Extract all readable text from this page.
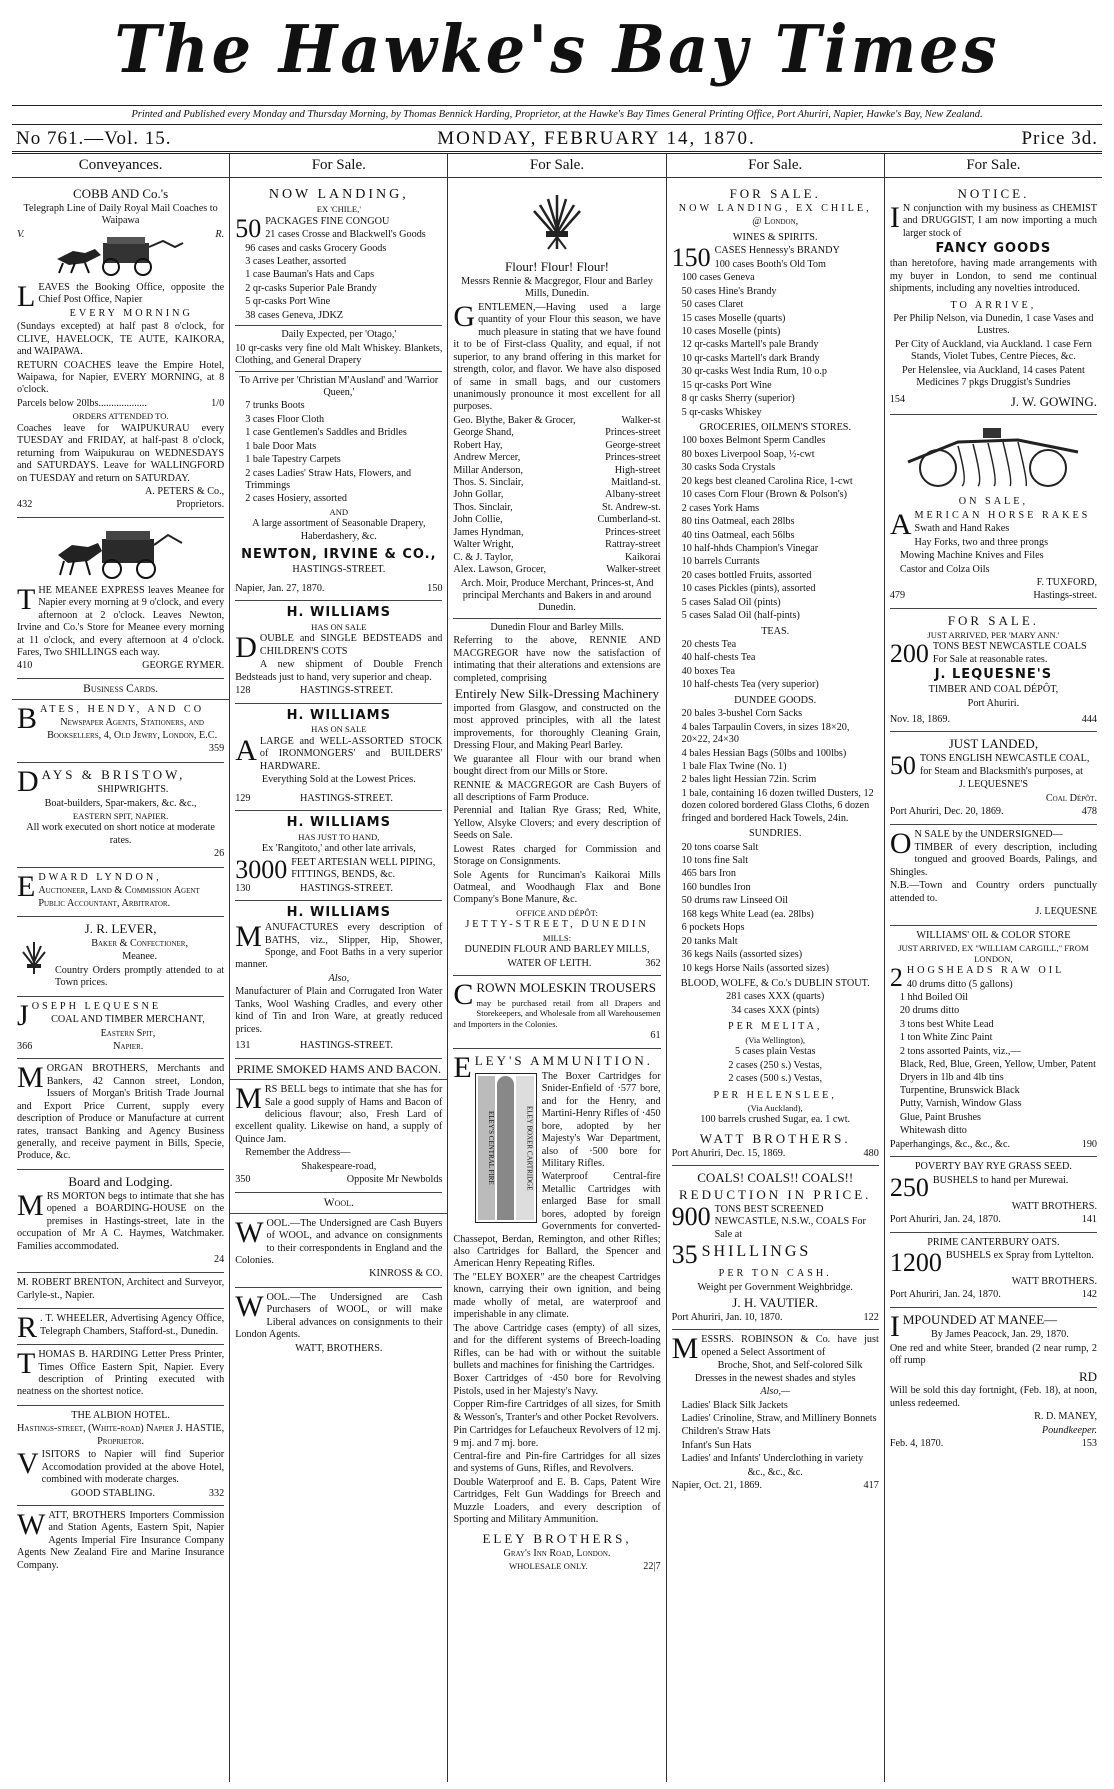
The Hawke's Bay Times
Printed and Published every Monday and Thursday Morning, by Thomas Bennick Harding, Proprietor, at the Hawke's Bay Times General Printing Office, Port Ahuriri, Napier, Hawke's Bay, New Zealand.
No 761.—Vol. 15.	MONDAY, FEBRUARY 14, 1870.	Price 3d.
Conveyances.

COBB AND Co.'s

Telegraph Line of Daily Royal Mail Coaches to Waipawa

V.	R.

LEAVES the Booking Office, opposite the Chief Post Office, Napier

EVERY MORNING

(Sundays excepted) at half past 8 o'clock, for CLIVE, HAVELOCK, TE AUTE, KAIKORA, and WAIPAWA.

RETURN COACHES leave the Empire Hotel, Waipawa, for Napier, EVERY MORNING, at 8 o'clock.

Parcels below 20lbs...................	1/0

ORDERS ATTENDED TO.

Coaches leave for WAIPUKURAU every TUESDAY and FRIDAY, at half-past 8 o'clock, returning from Waipukurau on WEDNESDAYS and SATURDAYS. Leave for WALLINGFORD on TUESDAY and return on SATURDAY.

A. PETERS & Co.,

432	Proprietors.

THE MEANEE EXPRESS leaves Meanee for Napier every morning at 9 o'clock, and every afternoon at 2 o'clock. Leaves Newton, Irvine and Co.'s Store for Meanee every morning at 11 o'clock, and every afternoon at 4 o'clock. Fares, Two SHILLINGS each way.

410	GEORGE RYMER.
Business Cards.

BATES, HENDY, AND CO

Newspaper Agents, Stationers, and Booksellers, 4, Old Jewry, London, E.C.

359

DAYS & BRISTOW,

SHIPWRIGHTS.

Boat-builders, Spar-makers, &c. &c.,

EASTERN SPIT, NAPIER.

All work executed on short notice at moderate rates.

26

EDWARD LYNDON,

Auctioneer, Land & Commission Agent Public Accountant, Arbitrator.

J. R. LEVER,

Baker & Confectioner,

Meanee.

Country Orders promptly attended to at Town prices.

JOSEPH LEQUESNE

COAL AND TIMBER MERCHANT,

Eastern Spit,

366	Napier.

MORGAN BROTHERS, Merchants and Bankers, 42 Cannon street, London, Issuers of Morgan's British Trade Journal and Export Price Current, supply every description of Produce or Manufacture at current rates, transact Banking and Agency Business generally, and receive payment in Bills, Specie, Produce, &c.

Board and Lodging.

MRS MORTON begs to intimate that she has opened a BOARDING-HOUSE on the premises in Hastings-street, late in the occupation of Mr A C. Haymes, Watchmaker. Families accommodated.

24

M. ROBERT BRENTON, Architect and Surveyor, Carlyle-st., Napier.

R . T. WHEELER, Advertising Agency Office, Telegraph Chambers, Stafford-st., Dunedin.

THOMAS B. HARDING Letter Press Printer, Times Office Eastern Spit, Napier. Every description of Printing executed with neatness on the shortest notice.

THE ALBION HOTEL.

Hastings-street, (White-road) Napier J. HASTIE, Proprietor.

VISITORS to Napier will find Superior Accomodation provided at the above Hotel, combined with moderate charges.

GOOD STABLING.	332

WATT, BROTHERS Importers Commission and Station Agents, Eastern Spit, Napier Agents Imperial Fire Insurance Company Agents New Zealand Fire and Marine Insurance Company.

For Sale.

NOW LANDING,

EX 'CHILE,'

50 PACKAGES FINE CONGOU

21 cases Crosse and Blackwell's Goods

96 cases and casks Grocery Goods

3 cases Leather, assorted

1 case Bauman's Hats and Caps

2 qr-casks Superior Pale Brandy

5 qr-casks Port Wine

38 cases Geneva, JDKZ

Daily Expected, per 'Otago,'

10 qr-casks very fine old Malt Whiskey. Blankets, Clothing, and General Drapery

To Arrive per 'Christian M'Ausland' and 'Warrior Queen,'

7 trunks Boots

3 cases Floor Cloth

1 case Gentlemen's Saddles and Bridles

1 bale Door Mats

1 bale Tapestry Carpets

2 cases Ladies' Straw Hats, Flowers, and Trimmings

2 cases Hosiery, assorted

AND

A large assortment of Seasonable Drapery, Haberdashery, &c.

NEWTON, IRVINE & CO.,

HASTINGS-STREET.

Napier, Jan. 27, 1870.	150

H. WILLIAMS

HAS ON SALE

DOUBLE and SINGLE BEDSTEADS and CHILDREN'S COTS

A new shipment of Double French Bedsteads just to hand, very superior and cheap.

128	HASTINGS-STREET.

H. WILLIAMS

HAS ON SALE

ALARGE and WELL-ASSORTED STOCK of IRONMONGERS' and BUILDERS' HARDWARE.

Everything Sold at the Lowest Prices.

129	HASTINGS-STREET.

H. WILLIAMS

HAS JUST TO HAND,

Ex 'Rangitoto,' and other late arrivals,

3000 FEET ARTESIAN WELL PIPING, FITTINGS, BENDS, &c.

130	HASTINGS-STREET.

H. WILLIAMS

MANUFACTURES every description of BATHS, viz., Slipper, Hip, Shower, Sponge, and Foot Baths in a very superior manner.

Also,

Manufacturer of Plain and Corrugated Iron Water Tanks, Wool Washing Cradles, and every other kind of Tin and Iron Ware, at greatly reduced prices.

131	HASTINGS-STREET.
PRIME SMOKED HAMS AND BACON.

MRS BELL begs to intimate that she has for Sale a good supply of Hams and Bacon of delicious flavour; also, Fresh Lard of excellent quality. Likewise on hand, a supply of Quince Jam.

Remember the Address—

Shakespeare-road,

350	Opposite Mr Newbolds
Wool.

WOOL.—The Undersigned are Cash Buyers of WOOL, and advance on consignments to their correspondents in England and the Colonies.

KINROSS & CO.

WOOL.—The Undersigned are Cash Purchasers of WOOL, or will make Liberal advances on consignments to their London Agents.

WATT, BROTHERS.

For Sale.

Flour! Flour! Flour!

Messrs Rennie & Macgregor, Flour and Barley Mills, Dunedin.

GENTLEMEN,—Having used a large quantity of your Flour this season, we have much pleasure in stating that we have found it to be of First-class Quality, and equal, if not superior, to any brand offering in this market for strength, color, and flavor. We have also disposed of same in small bags, and our customers unanimously pronounce it most excellent for all purposes.

Geo. Blythe, Baker & Grocer,	Walker-st
George Shand,	Princes-street
Robert Hay,	George-street
Andrew Mercer,	Princes-street
Millar Anderson,	High-street
Thos. S. Sinclair,	Maitland-st.
John Gollar,	Albany-street
Thos. Sinclair,	St. Andrew-st.
John Collie,	Cumberland-st.
James Hyndman,	Princes-street
Walter Wright,	Rattray-street
C. & J. Taylor,	Kaikorai
Alex. Lawson, Grocer,	Walker-street

Arch. Moir, Produce Merchant, Princes-st, And principal Merchants and Bakers in and around Dunedin.

Dunedin Flour and Barley Mills.

Referring to the above, RENNIE AND MACGREGOR have now the satisfaction of intimating that their alterations and extensions are completed, comprising

Entirely New Silk-Dressing Machinery

imported from Glasgow, and constructed on the most approved principles, with all the latest improvements, for thoroughly Cleaning Grain, Dressing Flour, and Making Pearl Barley.

We guarantee all Flour with our brand when bought direct from our Mills or Store.

RENNIE & MACGREGOR are Cash Buyers of all descriptions of Farm Produce.

Perennial and Italian Rye Grass; Red, White, Yellow, Alsyke Clovers; and every description of Seeds on Sale.

Lowest Rates charged for Commission and Storage on Consignments.

Sole Agents for Runciman's Kaikorai Mills Oatmeal, and Woodhaugh Flax and Bone Company's Bone Manure, &c.

OFFICE AND DÉPÔT:

JETTY-STREET, DUNEDIN

MILLS:

DUNEDIN FLOUR AND BARLEY MILLS,

WATER OF LEITH.	362

CROWN MOLESKIN TROUSERS

may be purchased retail from all Drapers and Storekeepers, and Wholesale from all Warehousemen and Importers in the Colonies.

61

ELEY'S AMMUNITION.

ELEY'S CENTRAL FIRE	ELEY BOXER CARTRIDGE

The Boxer Cartridges for Snider-Enfield of ·577 bore, and for the Henry, and Martini-Henry Rifles of ·450 bore, adopted by her Majesty's War Department, also of ·500 bore for Military Rifles.

Waterproof Central-fire Metallic Cartridges with enlarged Base for small bores, adopted by foreign Governments for converted-Chassepot, Berdan, Remington, and other Rifles; also Cartridges for Ballard, the Spencer and American Henry Repeating Rifles.

The "ELEY BOXER" are the cheapest Cartridges known, carrying their own ignition, and being made wholly of metal, are waterproof and imperishable in any climate.

The above Cartridge cases (empty) of all sizes, and for the different systems of Breech-loading Rifles, can be had with or without the suitable bullets and machines for finishing the Cartridges.

Boxer Cartridges of ·450 bore for Revolving Pistols, used in her Majesty's Navy.

Copper Rim-fire Cartridges of all sizes, for Smith & Wesson's, Tranter's and other Pocket Revolvers.

Pin Cartridges for Lefaucheux Revolvers of 12 mj. 9 mj. and 7 mj. bore.

Central-fire and Pin-fire Cartridges for all sizes and systems of Guns, Rifles, and Revolvers.

Double Waterproof and E. B. Caps, Patent Wire Cartridges, Felt Gun Waddings for Breech and Muzzle Loaders, and every description of Sporting and Military Ammunition.

ELEY BROTHERS,

Gray's Inn Road, London.

WHOLESALE ONLY.	22|7
For Sale.

FOR SALE.

NOW LANDING, EX CHILE,

@ London,

WINES & SPIRITS.

150 CASES Hennessy's BRANDY

100 cases Booth's Old Tom

100 cases Geneva

50 cases Hine's Brandy

50 cases Claret

15 cases Moselle (quarts)

10 cases Moselle (pints)

12 qr-casks Martell's pale Brandy

10 qr-casks Martell's dark Brandy

30 qr-casks West India Rum, 10 o.p

15 qr-casks Port Wine

8 qr casks Sherry (superior)

5 qr-casks Whiskey

GROCERIES, OILMEN'S STORES.

100 boxes Belmont Sperm Candles

80 boxes Liverpool Soap, ½-cwt

30 casks Soda Crystals

20 kegs best cleaned Carolina Rice, 1-cwt

10 cases Corn Flour (Brown & Polson's)

2 cases York Hams

80 tins Oatmeal, each 28lbs

40 tins Oatmeal, each 56lbs

10 half-hhds Champion's Vinegar

10 barrels Currants

20 cases bottled Fruits, assorted

10 cases Pickles (pints), assorted

5 cases Salad Oil (pints)

5 cases Salad Oil (half-pints)

TEAS.

20 chests Tea

40 half-chests Tea

40 boxes Tea

10 half-chests Tea (very superior)

DUNDEE GOODS.

20 bales 3-bushel Corn Sacks

4 bales Tarpaulin Covers, in sizes 18×20, 20×22, 24×30

4 bales Hessian Bags (50lbs and 100lbs)

1 bale Flax Twine (No. 1)

2 bales light Hessian 72in. Scrim

1 bale, containing 16 dozen twilled Dusters, 12 dozen colored bordered Glass Cloths, 6 dozen fringed and bordered Hack Towels, 24in.

SUNDRIES.

20 tons coarse Salt

10 tons fine Salt

465 bars Iron

160 bundles Iron

50 drums raw Linseed Oil

168 kegs White Lead (ea. 28lbs)

6 pockets Hops

20 tanks Malt

36 kegs Nails (assorted sizes)

10 kegs Horse Nails (assorted sizes)

BLOOD, WOLFE, & Co.'s DUBLIN STOUT.

281 cases XXX (quarts)

34 cases XXX (pints)

PER MELITA,

(Via Wellington),

5 cases plain Vestas

2 cases (250 s.) Vestas,

2 cases (500 s.) Vestas,

PER HELENSLEE,

(Via Auckland),

100 barrels crushed Sugar, ea. 1 cwt.

WATT BROTHERS.

Port Ahuriri, Dec. 15, 1869.	480

COALS! COALS!! COALS!!

REDUCTION IN PRICE.

900 TONS BEST SCREENED NEWCASTLE, N.S.W., COALS For Sale at

35 SHILLINGS

PER TON CASH.

Weight per Government Weighbridge.

J. H. VAUTIER.

Port Ahuriri, Jan. 10, 1870.	122

MESSRS. ROBINSON & Co. have just opened a Select Assortment of

Broche, Shot, and Self-colored Silk Dresses in the newest shades and styles

Also,—

Ladies' Black Silk Jackets

Ladies' Crinoline, Straw, and Millinery Bonnets

Children's Straw Hats

Infant's Sun Hats

Ladies' and Infants' Underclothing in variety

&c., &c., &c.

Napier, Oct. 21, 1869.	417
For Sale.

NOTICE.

I N conjunction with my business as CHEMIST and DRUGGIST, I am now importing a much larger stock of

FANCY GOODS

than heretofore, having made arrangements with my buyer in London, to send me continual shipments, including any novelties introduced.

TO ARRIVE,

Per Philip Nelson, via Dunedin, 1 case Vases and Lustres.

Per City of Auckland, via Auckland. 1 case Fern Stands, Violet Tubes, Centre Pieces, &c.

Per Helenslee, via Auckland, 14 cases Patent Medicines 7 pkgs Druggist's Sundries

154	J. W. GOWING.

ON SALE,

AMERICAN HORSE RAKES

Swath and Hand Rakes

Hay Forks, two and three prongs

Mowing Machine Knives and Files

Castor and Colza Oils

F. TUXFORD,

479	Hastings-street.

FOR SALE.

JUST ARRIVED, PER 'MARY ANN.'

200 TONS BEST NEWCASTLE COALS For Sale at reasonable rates.

J. LEQUESNE'S

TIMBER AND COAL DÉPÔT,

Port Ahuriri.

Nov. 18, 1869.	444

JUST LANDED,

50 TONS ENGLISH NEWCASTLE COAL, for Steam and Blacksmith's purposes, at

J. LEQUESNE'S

Coal Dépôt.

Port Ahuriri, Dec. 20, 1869.	478

O N SALE by the UNDERSIGNED—

TIMBER of every description, including tongued and grooved Boards, Palings, and Shingles.

N.B.—Town and Country orders punctually attended to.

J. LEQUESNE

WILLIAMS' OIL & COLOR STORE

JUST ARRIVED, EX "WILLIAM CARGILL," FROM LONDON,

2 HOGSHEADS RAW OIL

40 drums ditto (5 gallons)

1 hhd Boiled Oil

20 drums ditto

3 tons best White Lead

1 ton White Zinc Paint

2 tons assorted Paints, viz.,—

Black, Red, Blue, Green, Yellow, Umber, Patent Dryers in 1lb and 4lb tins

Turpentine, Brunswick Black

Putty, Varnish, Window Glass

Glue, Paint Brushes

Whitewash ditto

Paperhangings, &c., &c., &c.	190

POVERTY BAY RYE GRASS SEED.

250 BUSHELS to hand per Murewai.

WATT BROTHERS.

Port Ahuriri, Jan. 24, 1870.	141

PRIME CANTERBURY OATS.

1200 BUSHELS ex Spray from Lyttelton.

WATT BROTHERS.

Port Ahuriri, Jan. 24, 1870.	142

IMPOUNDED AT MANEE—

By James Peacock, Jan. 29, 1870.

One red and white Steer, branded (2 near rump, 2 off rump

RD

Will be sold this day fortnight, (Feb. 18), at noon, unless redeemed.

R. D. MANEY,

Poundkeeper.

Feb. 4, 1870.	153
